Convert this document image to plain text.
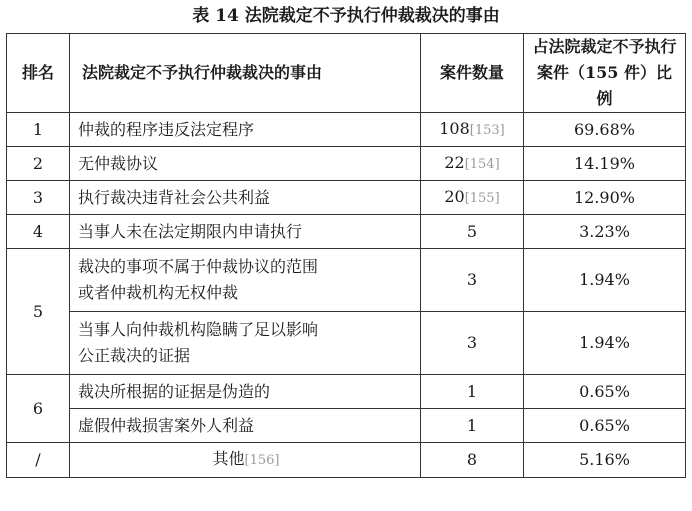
表 14 法院裁定不予执行仲裁裁决的事由
排名	法院裁定不予执行仲裁裁决的事由	案件数量	占法院裁定不予执行
案件（155 件）比例

1	仲裁的程序违反法定程序	108[153]	69.68%
2	无仲裁协议	22[154]	14.19%
3	执行裁决违背社会公共利益	20[155]	12.90%
4	当事人未在法定期限内申请执行	5	3.23%
5	裁决的事项不属于仲裁协议的范围
或者仲裁机构无权仲裁	3	1.94%

	当事人向仲裁机构隐瞒了足以影响
公正裁决的证据	3	1.94%
6	裁决所根据的证据是伪造的	1	0.65%
	虚假仲裁损害案外人利益	1	0.65%
/	其他[156]	8	5.16%
